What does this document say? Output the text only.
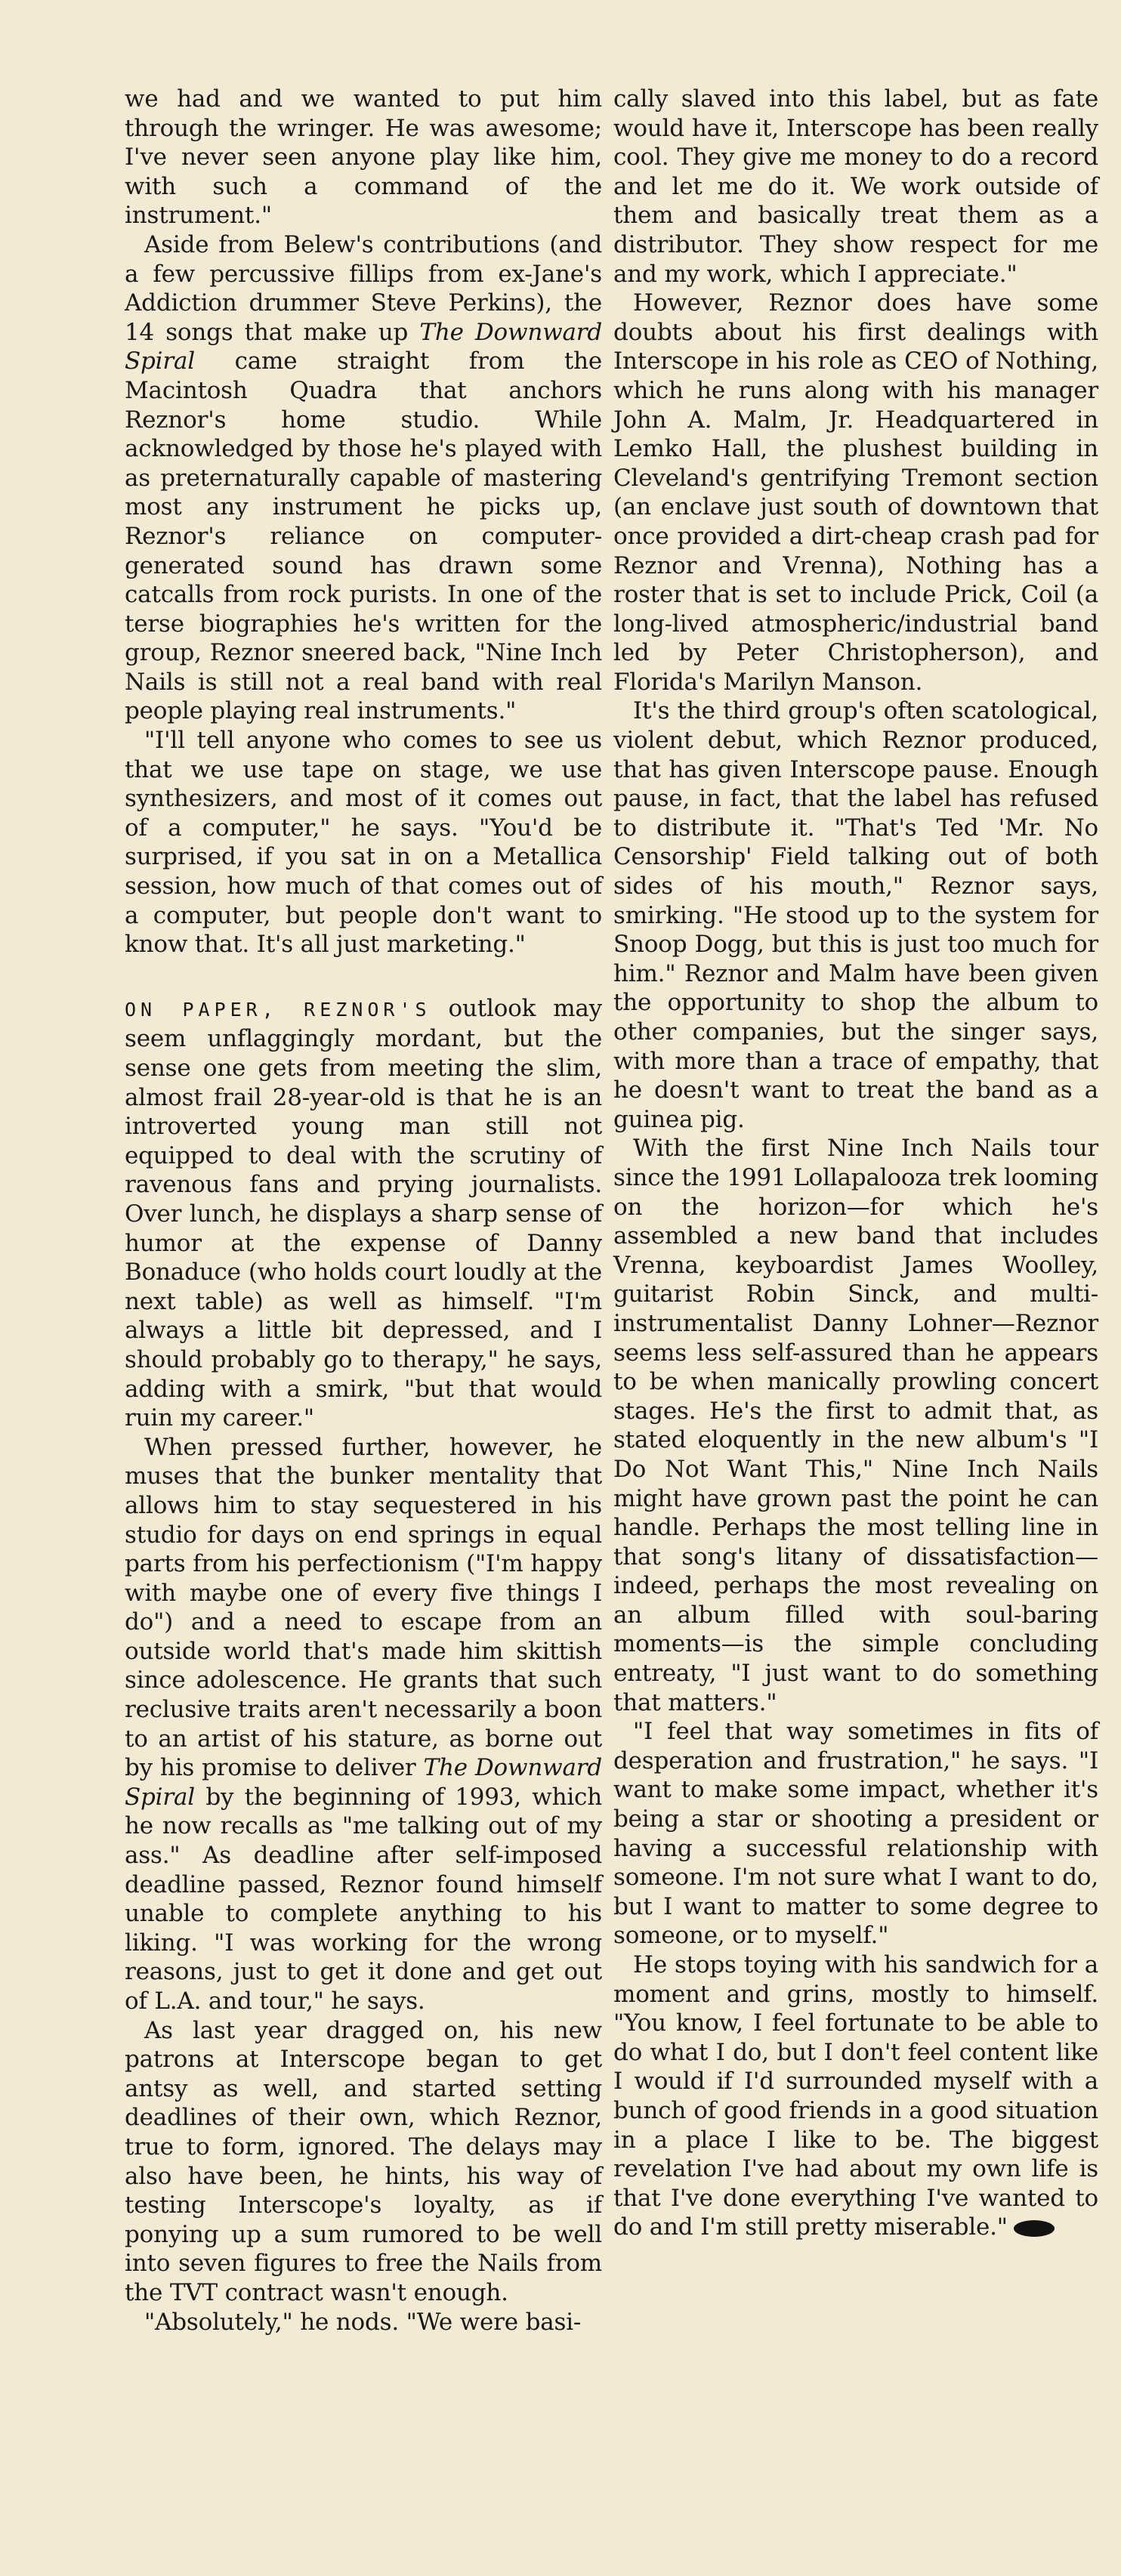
we had and we wanted to put him through the wringer. He was awesome; I've never seen anyone play like him, with such a command of the instrument."

Aside from Belew's contributions (and a few percussive fillips from ex-Jane's Addiction drummer Steve Perkins), the 14 songs that make up The Downward Spiral came straight from the Macintosh Quadra that anchors Reznor's home studio. While acknowledged by those he's played with as preternaturally capable of mastering most any instrument he picks up, Reznor's reliance on computer-generated sound has drawn some catcalls from rock purists. In one of the terse biographies he's written for the group, Reznor sneered back, "Nine Inch Nails is still not a real band with real people playing real instruments."

"I'll tell anyone who comes to see us that we use tape on stage, we use synthesizers, and most of it comes out of a computer," he says. "You'd be surprised, if you sat in on a Metallica session, how much of that comes out of a computer, but people don't want to know that. It's all just marketing."

ON PAPER, REZNOR'S outlook may seem unflaggingly mordant, but the sense one gets from meeting the slim, almost frail 28-year-old is that he is an introverted young man still not equipped to deal with the scrutiny of ravenous fans and prying journalists. Over lunch, he displays a sharp sense of humor at the expense of Danny Bonaduce (who holds court loudly at the next table) as well as himself. "I'm always a little bit depressed, and I should probably go to therapy," he says, adding with a smirk, "but that would ruin my career."

When pressed further, however, he muses that the bunker mentality that allows him to stay sequestered in his studio for days on end springs in equal parts from his perfectionism ("I'm happy with maybe one of every five things I do") and a need to escape from an outside world that's made him skittish since adolescence. He grants that such reclusive traits aren't necessarily a boon to an artist of his stature, as borne out by his promise to deliver The Downward Spiral by the beginning of 1993, which he now recalls as "me talking out of my ass." As deadline after self-imposed deadline passed, Reznor found himself unable to complete anything to his liking. "I was working for the wrong reasons, just to get it done and get out of L.A. and tour," he says.

As last year dragged on, his new patrons at Interscope began to get antsy as well, and started setting deadlines of their own, which Reznor, true to form, ignored. The delays may also have been, he hints, his way of testing Interscope's loyalty, as if ponying up a sum rumored to be well into seven figures to free the Nails from the TVT contract wasn't enough.

"Absolutely," he nods. "We were basi-

cally slaved into this label, but as fate would have it, Interscope has been really cool. They give me money to do a record and let me do it. We work outside of them and basically treat them as a distributor. They show respect for me and my work, which I appreciate."

However, Reznor does have some doubts about his first dealings with Interscope in his role as CEO of Nothing, which he runs along with his manager John A. Malm, Jr. Headquartered in Lemko Hall, the plushest building in Cleveland's gentrifying Tremont section (an enclave just south of downtown that once provided a dirt-cheap crash pad for Reznor and Vrenna), Nothing has a roster that is set to include Prick, Coil (a long-lived atmospheric/industrial band led by Peter Christopherson), and Florida's Marilyn Manson.

It's the third group's often scatological, violent debut, which Reznor produced, that has given Interscope pause. Enough pause, in fact, that the label has refused to distribute it. "That's Ted 'Mr. No Censorship' Field talking out of both sides of his mouth," Reznor says, smirking. "He stood up to the system for Snoop Dogg, but this is just too much for him." Reznor and Malm have been given the opportunity to shop the album to other companies, but the singer says, with more than a trace of empathy, that he doesn't want to treat the band as a guinea pig.

With the first Nine Inch Nails tour since the 1991 Lollapalooza trek looming on the horizon—for which he's assembled a new band that includes Vrenna, keyboardist James Woolley, guitarist Robin Sinck, and multi-instrumentalist Danny Lohner—Reznor seems less self-assured than he appears to be when manically prowling concert stages. He's the first to admit that, as stated eloquently in the new album's "I Do Not Want This," Nine Inch Nails might have grown past the point he can handle. Perhaps the most telling line in that song's litany of dissatisfaction—indeed, perhaps the most revealing on an album filled with soul-baring moments—is the simple concluding entreaty, "I just want to do something that matters."

"I feel that way sometimes in fits of desperation and frustration," he says. "I want to make some impact, whether it's being a star or shooting a president or having a successful relationship with someone. I'm not sure what I want to do, but I want to matter to some degree to someone, or to myself."

He stops toying with his sandwich for a moment and grins, mostly to himself. "You know, I feel fortunate to be able to do what I do, but I don't feel content like I would if I'd surrounded myself with a bunch of good friends in a good situation in a place I like to be. The biggest revelation I've had about my own life is that I've done everything I've wanted to do and I'm still pretty miserable."
